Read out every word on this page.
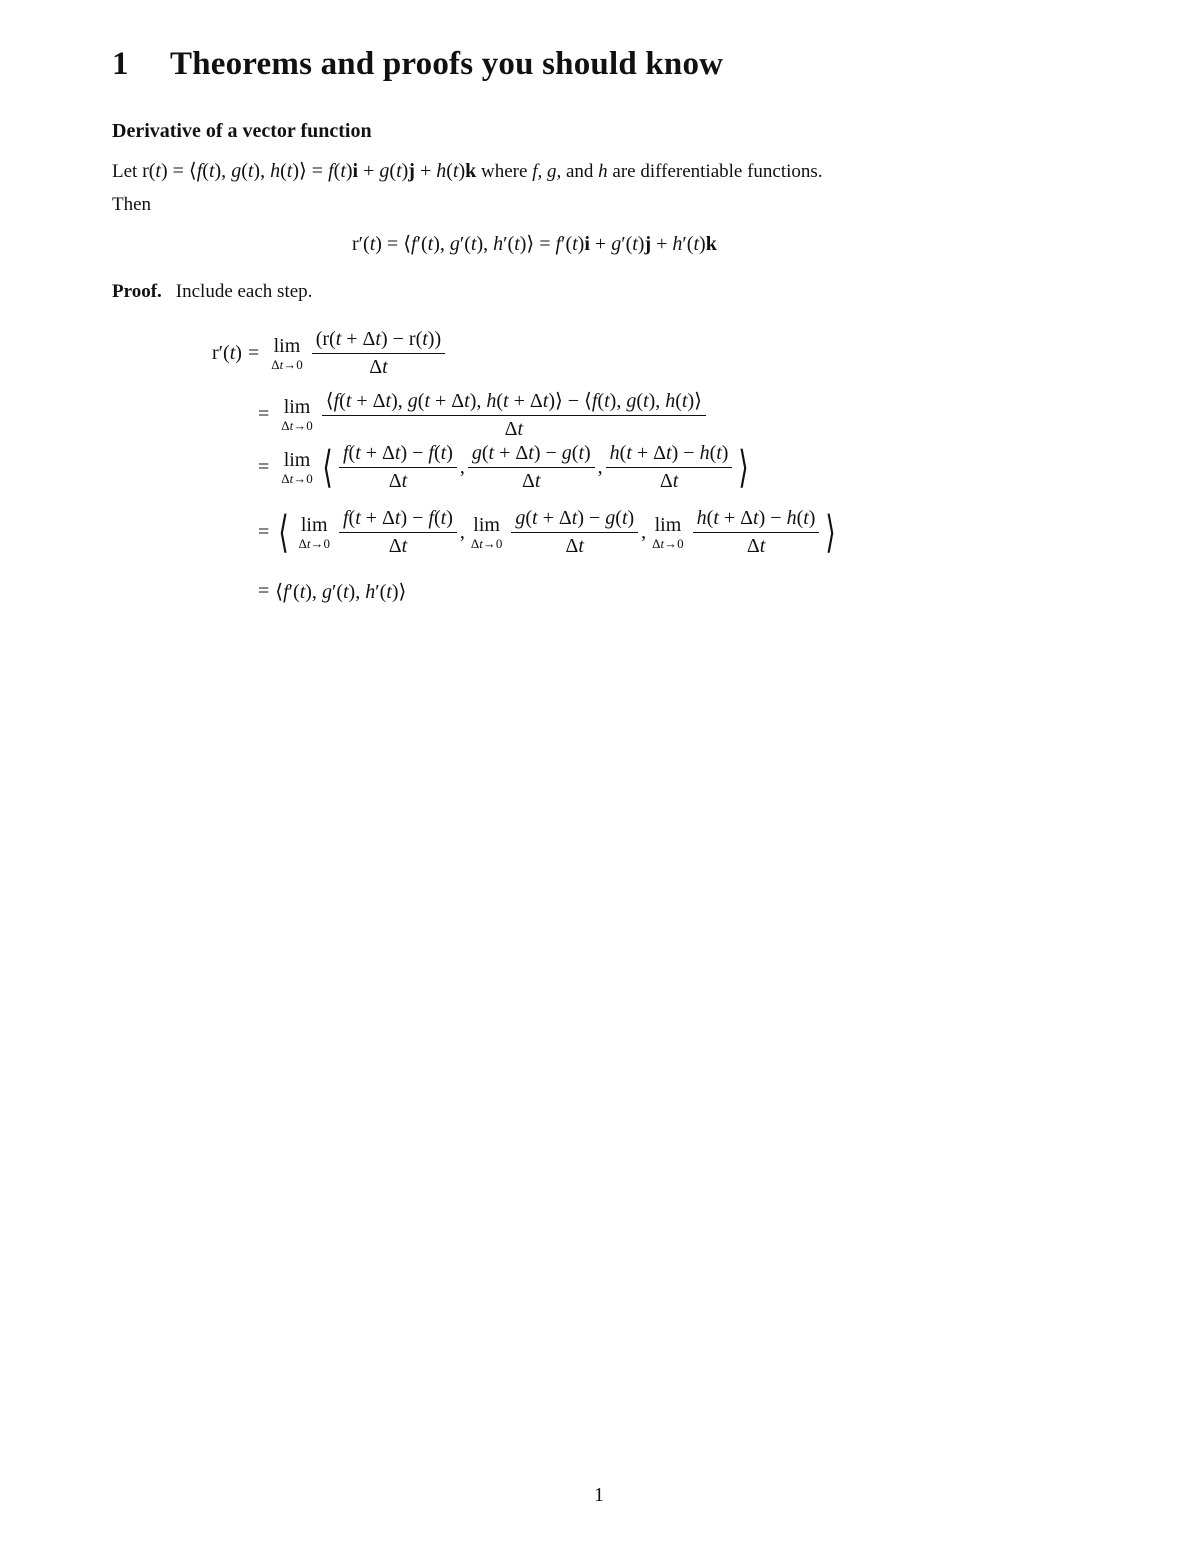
1 Theorems and proofs you should know
Derivative of a vector function
Let r(t) = ⟨f(t), g(t), h(t)⟩ = f(t)i + g(t)j + h(t)k where f, g, and h are differentiable functions.
Then
r′(t) = ⟨f′(t), g′(t), h′(t)⟩ = f′(t)i + g′(t)j + h′(t)k
Proof. Include each step.
r′(t) = lim
$\Delta t\to 0 \frac{(r(t + \Delta t) - r(t))}{\Delta t}$
= lim
$\Delta t\to 0 \frac{⟨f(t + \Delta t), g(t + \Delta t), h(t + \Delta t)⟩ - ⟨f(t), g(t), h(t)⟩}{\Delta t}$
= lim
Δt→0 ⟨ $\frac{f(t + \Delta t) - f(t)}{\Delta t}$ , $\frac{g(t + \Delta t) - g(t)}{\Delta t}$ , $\frac{h(t + \Delta t) - h(t)}{\Delta t}$ ⟩
= ⟨ lim
$\Delta t\to 0 \frac{f(t + \Delta t) - f(t)}{\Delta t}$ , lim
$\Delta t\to 0 \frac{g(t + \Delta t) - g(t)}{\Delta t}$ , lim
$\Delta t\to 0 \frac{h(t + \Delta t) - h(t)}{\Delta t}$ ⟩
= ⟨f′(t), g′(t), h′(t)⟩
1
